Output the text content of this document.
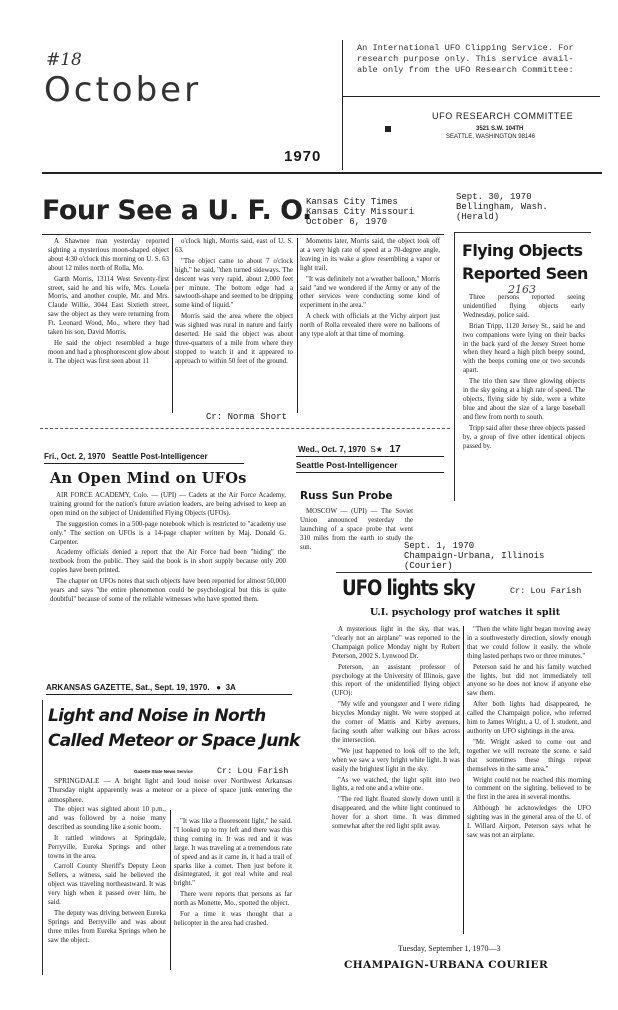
#18
October
An International UFO Clipping Service. For
research purpose only. This service avail-
able only from the UFO Research Committee:
UFO RESEARCH COMMITTEE
3521 S.W. 104TH
SEATTLE, WASHINGTON 98146
1970
Four See a U. F. O.
Kansas City Times
Kansas City Missouri
October 6, 1970

A Shawnee man yesterday reported sighting a mysterious moon-shaped object about 4:30 o'clock this morning on U. S. 63 about 12 miles north of Rolla, Mo.

Garth Morris, 13114 West Seventy-first street, said he and his wife, Mrs. Louela Morris, and another couple, Mr. and Mrs. Claude Willie, 3044 East Sixtieth street, saw the object as they were returning from Ft. Leonard Wood, Mo., where they had taken his son, David Morris.

He said the object resembled a huge moon and had a phosphorescent glow about it. The object was first seen about 11

o'clock high, Morris said, east of U. S. 63.

"The object came to about 7 o'clock high," he said, "then turned sideways. The descent was very rapid, about 2,000 feet per minute. The bottom edge had a sawtooth-shape and seemed to be dripping some kind of liquid."

Morris said the area where the object was sighted was rural in nature and fairly deserted. He said the object was about three-quarters of a mile from where they stopped to watch it and it appeared to approach to within 50 feet of the ground.

Moments later, Morris said, the object took off at a very high rate of speed at a 70-degree angle, leaving in its wake a glow resembling a vapor or light trail.

"It was definitely not a weather balloon," Morris said "and we wondered if the Army or any of the other services were conducting some kind of experiment in the area."

A check with officials at the Vichy airport just north of Rolla revealed there were no balloons of any type aloft at that time of morning.

Cr: Norma Short
Sept. 30, 1970
Bellingham, Wash.
(Herald)
Flying Objects
Reported Seen
2163

Three persons reported seeing unidentified flying objects early Wednesday, police said.

Brian Tripp, 1120 Jersey St., said he and two companions were lying on their backs in the back yard of the Jersey Street home when they heard a high pitch beepy sound, with the beeps coming one or two seconds apart.

The trio then saw three glowing objects in the sky going at a high rate of speed. The objects, flying side by side, were a white blue and about the size of a large baseball and flew from north to south.

Tripp said after these three objects passed by, a group of five other identical objects passed by.

Fri., Oct. 2, 1970   Seattle Post-Intelligencer
An Open Mind on UFOs

AIR FORCE ACADEMY, Colo. — (UPI) — Cadets at the Air Force Academy, training ground for the nation's future aviation leaders, are being advised to keep an open mind on the subject of Unidentified Flying Objects (UFOs).

The suggestion comes in a 500-page notebook which is restricted to "academy use only." The section on UFOs is a 14-page chapter written by Maj. Donald G. Carpenter.

Academy officials denied a report that the Air Force had been "hiding" the textbook from the public. They said the book is in short supply because only 200 copies have been printed.

The chapter on UFOs notes that such objects have been reported for almost 50,000 years and says "the entire phenomenon could be psychological but this is quite doubtful" because of some of the reliable witnesses who have spotted them.

Wed., Oct. 7, 1970  S★   17
Seattle Post-Intelligencer
Russ Sun Probe

MOSCOW — (UPI) — The Soviet Union announced yesterday the launching of a space probe that went 310 miles from the earth to study the sun.	Sept. 1, 1970
Champaign-Urbana, Illinois
(Courier)
ARKANSAS GAZETTE, Sat., Sept. 19, 1970.   ●  3A
Light and Noise in North
Called Meteor or Space Junk
Cr: Lou Farish
Gazette State News Service

SPRINGDALE — A bright light and loud noise over Northwest Arkansas Thursday night apparently was a meteor or a piece of space junk entering the atmosphere.

The object was sighted about 10 p.m., and was followed by a noise many described as sounding like a sonic boom.

It rattled windows at Springdale, Perryville, Eureka Springs and other towns in the area.

Carroll County Sheriff's Deputy Leon Sellers, a witness, said he believed the object was traveling northeastward. It was very high when it passed over him, he said.

The deputy was driving between Eureka Springs and Berryville and was about three miles from Eureka Springs when he saw the object.

"It was like a fluorescent light," he said. "I looked up to my left and there was this thing coming in. It was red and it was large. It was traveling at a tremendous rate of speed and as it came in, it had a trail of sparks like a comet. Then just before it disintegrated, it got real white and real bright."

There were reports that persons as far north as Monette, Mo., spotted the object.

For a time it was thought that a helicopter in the area had crashed.

UFO lights sky	Cr: Lou Farish
U.I. psychology prof watches it split

A mysterious light in the sky, that was, "clearly not an airplane" was reported to the Champaign police Monday night by Robert Peterson, 2002 S. Lynwood Dr.

Peterson, an assistant professor of psychology at the University of Illinois, gave this report of the unidentified flying object (UFO):

"My wife and youngster and I were riding bicycles Monday night. We were stopped at the corner of Mattis and Kirby avenues, facing south after walking our bikes across the intersection.

"We just happened to look off to the left, when we saw a very bright white light. It was easily the brightest light in the sky.

"As we watched, the light split into two lights, a red one and a white one.

"The red light floated slowly down until it disappeared, and the white light continued to hover for a short time. It was dimmed somewhat after the red light split away.

"Then the white light began moving away in a southwesterly direction, slowly enough that we could follow it easily. the whole thing lasted perhaps two or three minutes."

Peterson said he and his family watched the lights, but did not immediately tell anyone so he does not know if anyone else saw them.

After both lights had disappeared, he called the Champaign police, who referred him to James Wright, a U. of I. student, and authority on UFO sightings in the area.

"Mr. Wright asked to come out and together we will recreate the scene. e said that sometimes these things repeat themselves in the same area."

Wright could not be reached this morning to comment on the sighting, believed to be the first in the area in several months.

Although he acknowledges the UFO sighting was in the general area of the U. of I. Willard Airport, Peterson says what he saw was not an airplane.

Tuesday, September 1, 1970—3
CHAMPAIGN-URBANA COURIER
